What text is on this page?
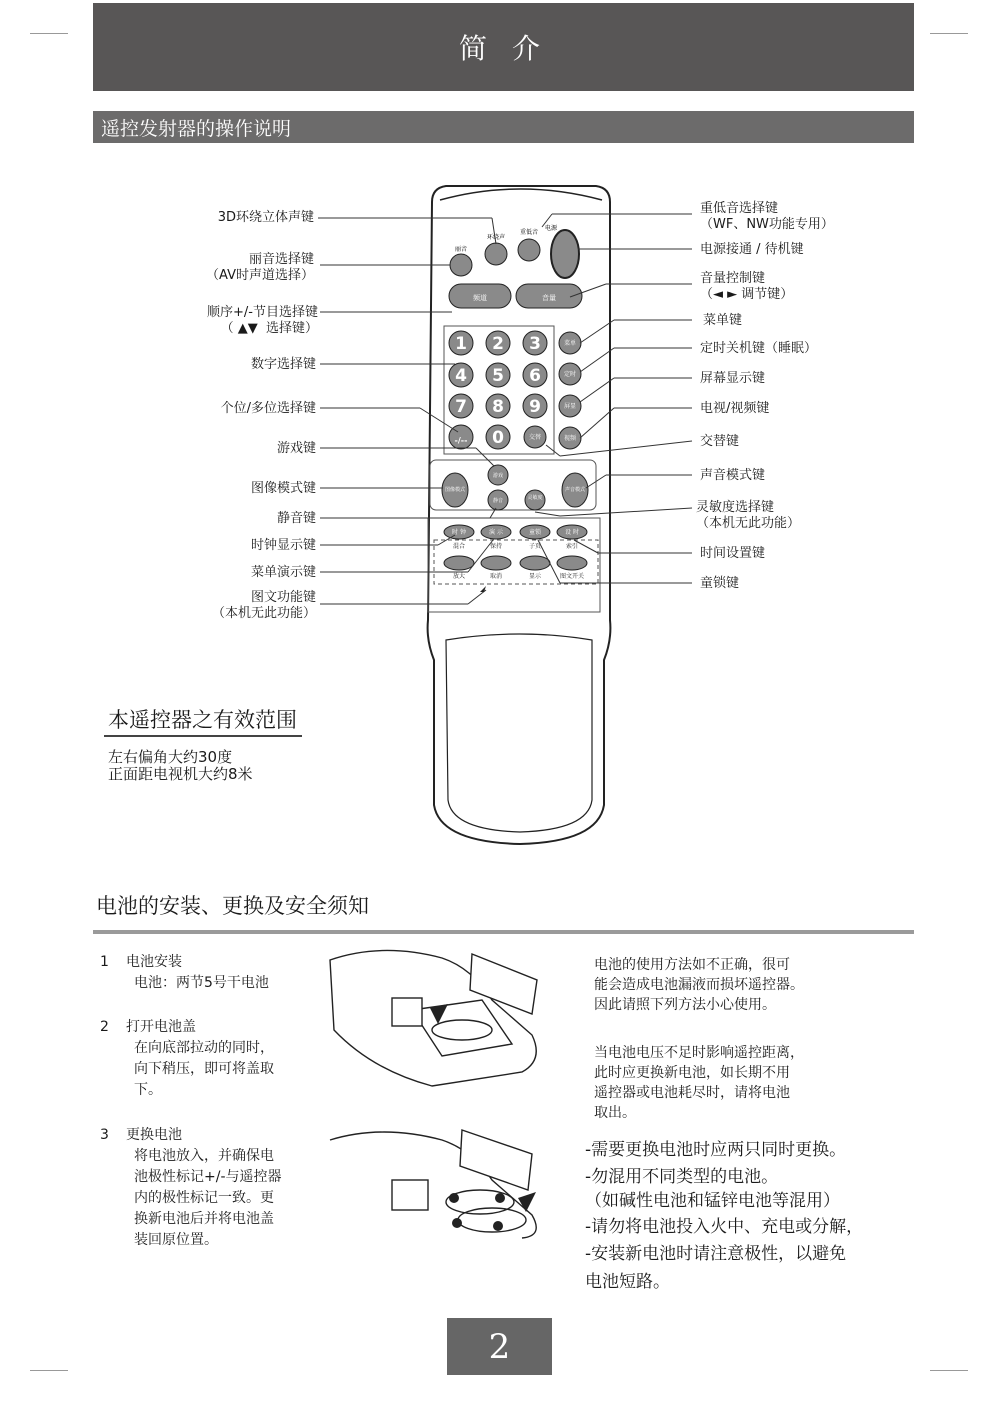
简 介
遥控发射器的操作说明
丽音
环绕声
重低音
电源
频道	音量
1 2 3
4 5 6
7 8 9
-/-- 0
菜单
定时
屏显
视频
交替
游戏
静音
图像模式
灵敏度
声音模式
时 钟	演 示	童锁	设 时
混合	保持	子页	索引
放大	取消	显示	图文开关
3D环绕立体声键
丽音选择键
（AV时声道选择）
顺序+/-节目选择键
（ ▲▼  选择键）
数字选择键
个位/多位选择键
游戏键
图像模式键
静音键
时钟显示键
菜单演示键
图文功能键
（本机无此功能）
重低音选择键
（WF、NW功能专用）
电源接通 / 待机键
音量控制键
（◄ ► 调节键）
菜单键
定时关机键（睡眠）
屏幕显示键
电视/视频键
交替键
声音模式键
灵敏度选择键
（本机无此功能）
时间设置键
童锁键
本遥控器之有效范围
左右偏角大约30度
正面距电视机大约8米
电池的安装、更换及安全须知
1	电池安装
电池：两节5号干电池
2	打开电池盖
在向底部拉动的同时，
向下稍压，即可将盖取
下。
3	更换电池
将电池放入，并确保电
池极性标记+/-与遥控器
内的极性标记一致。更
换新电池后并将电池盖
装回原位置。
电池的使用方法如不正确，很可
能会造成电池漏液而损坏遥控器。
因此请照下列方法小心使用。
当电池电压不足时影响遥控距离，
此时应更换新电池，如长期不用
遥控器或电池耗尽时，请将电池
取出。
-需要更换电池时应两只同时更换。
-勿混用不同类型的电池。
（如碱性电池和锰锌电池等混用）
-请勿将电池投入火中、充电或分解，
-安装新电池时请注意极性，以避免
电池短路。
2
